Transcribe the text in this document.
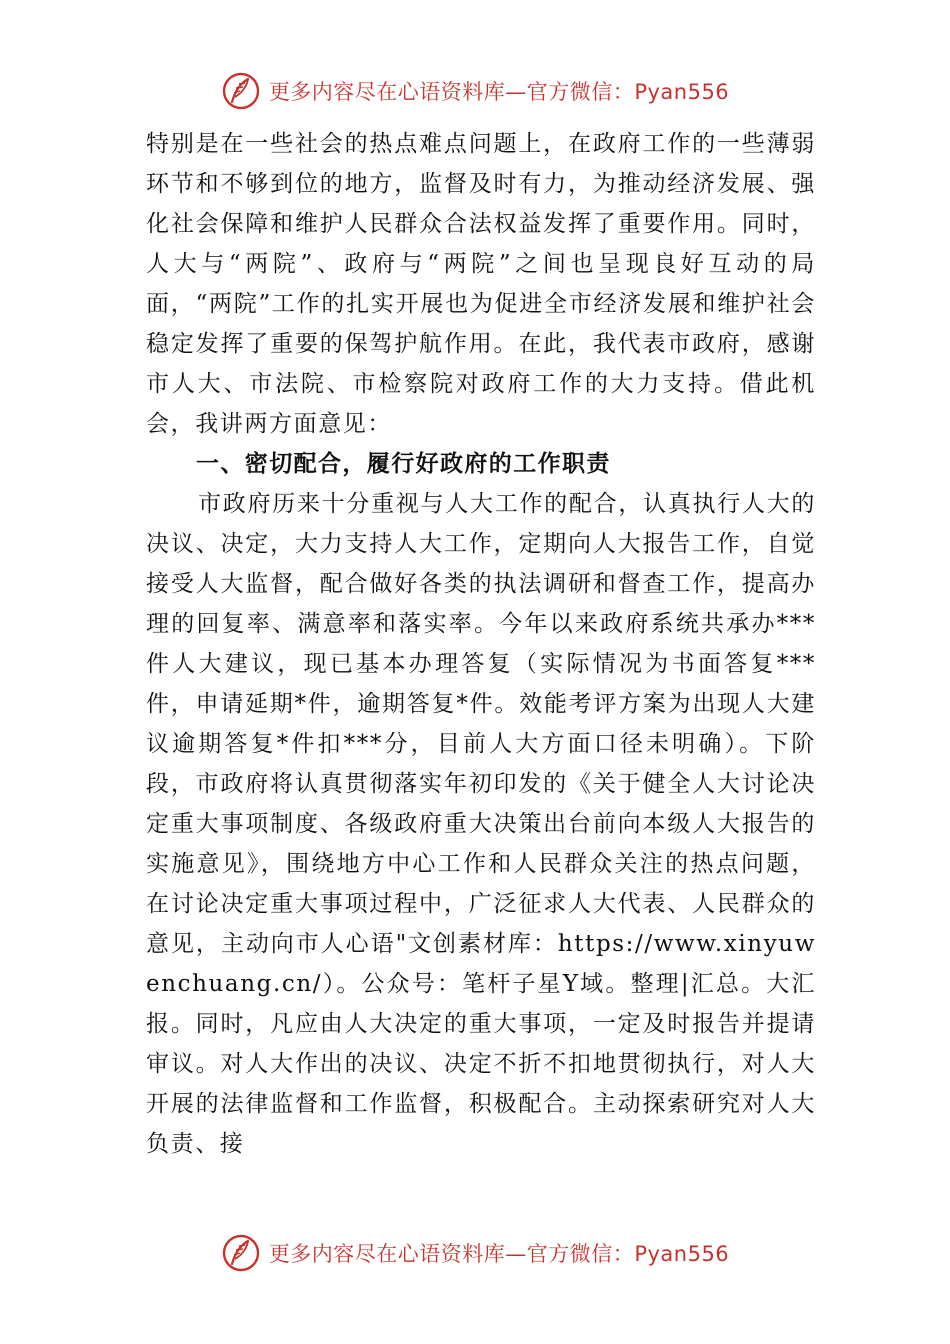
更多内容尽在心语资料库—官方微信：Pyan556

特别是在一些社会的热点难点问题上，在政府工作的一些薄弱环节和不够到位的地方，监督及时有力，为推动经济发展、强化社会保障和维护人民群众合法权益发挥了重要作用。同时，人大与“两院”、政府与“两院”之间也呈现良好互动的局面，“两院”工作的扎实开展也为促进全市经济发展和维护社会稳定发挥了重要的保驾护航作用。在此，我代表市政府，感谢市人大、市法院、市检察院对政府工作的大力支持。借此机会，我讲两方面意见：

一、密切配合，履行好政府的工作职责

市政府历来十分重视与人大工作的配合，认真执行人大的决议、决定，大力支持人大工作，定期向人大报告工作，自觉接受人大监督，配合做好各类的执法调研和督查工作，提高办理的回复率、满意率和落实率。今年以来政府系统共承办***件人大建议，现已基本办理答复（实际情况为书面答复***件，申请延期*件，逾期答复*件。效能考评方案为出现人大建议逾期答复*件扣***分，目前人大方面口径未明确）。下阶段，市政府将认真贯彻落实年初印发的《关于健全人大讨论决定重大事项制度、各级政府重大决策出台前向本级人大报告的实施意见》，围绕地方中心工作和人民群众关注的热点问题，在讨论决定重大事项过程中，广泛征求人大代表、人民群众的意见，主动向市人心语"文创素材库：https://www.xinyuwenchuang.cn/）。公众号：笔杆子星Y域。整理|汇总。大汇报。同时，凡应由人大决定的重大事项，一定及时报告并提请审议。对人大作出的决议、决定不折不扣地贯彻执行，对人大开展的法律监督和工作监督，积极配合。主动探索研究对人大负责、接

更多内容尽在心语资料库—官方微信：Pyan556
